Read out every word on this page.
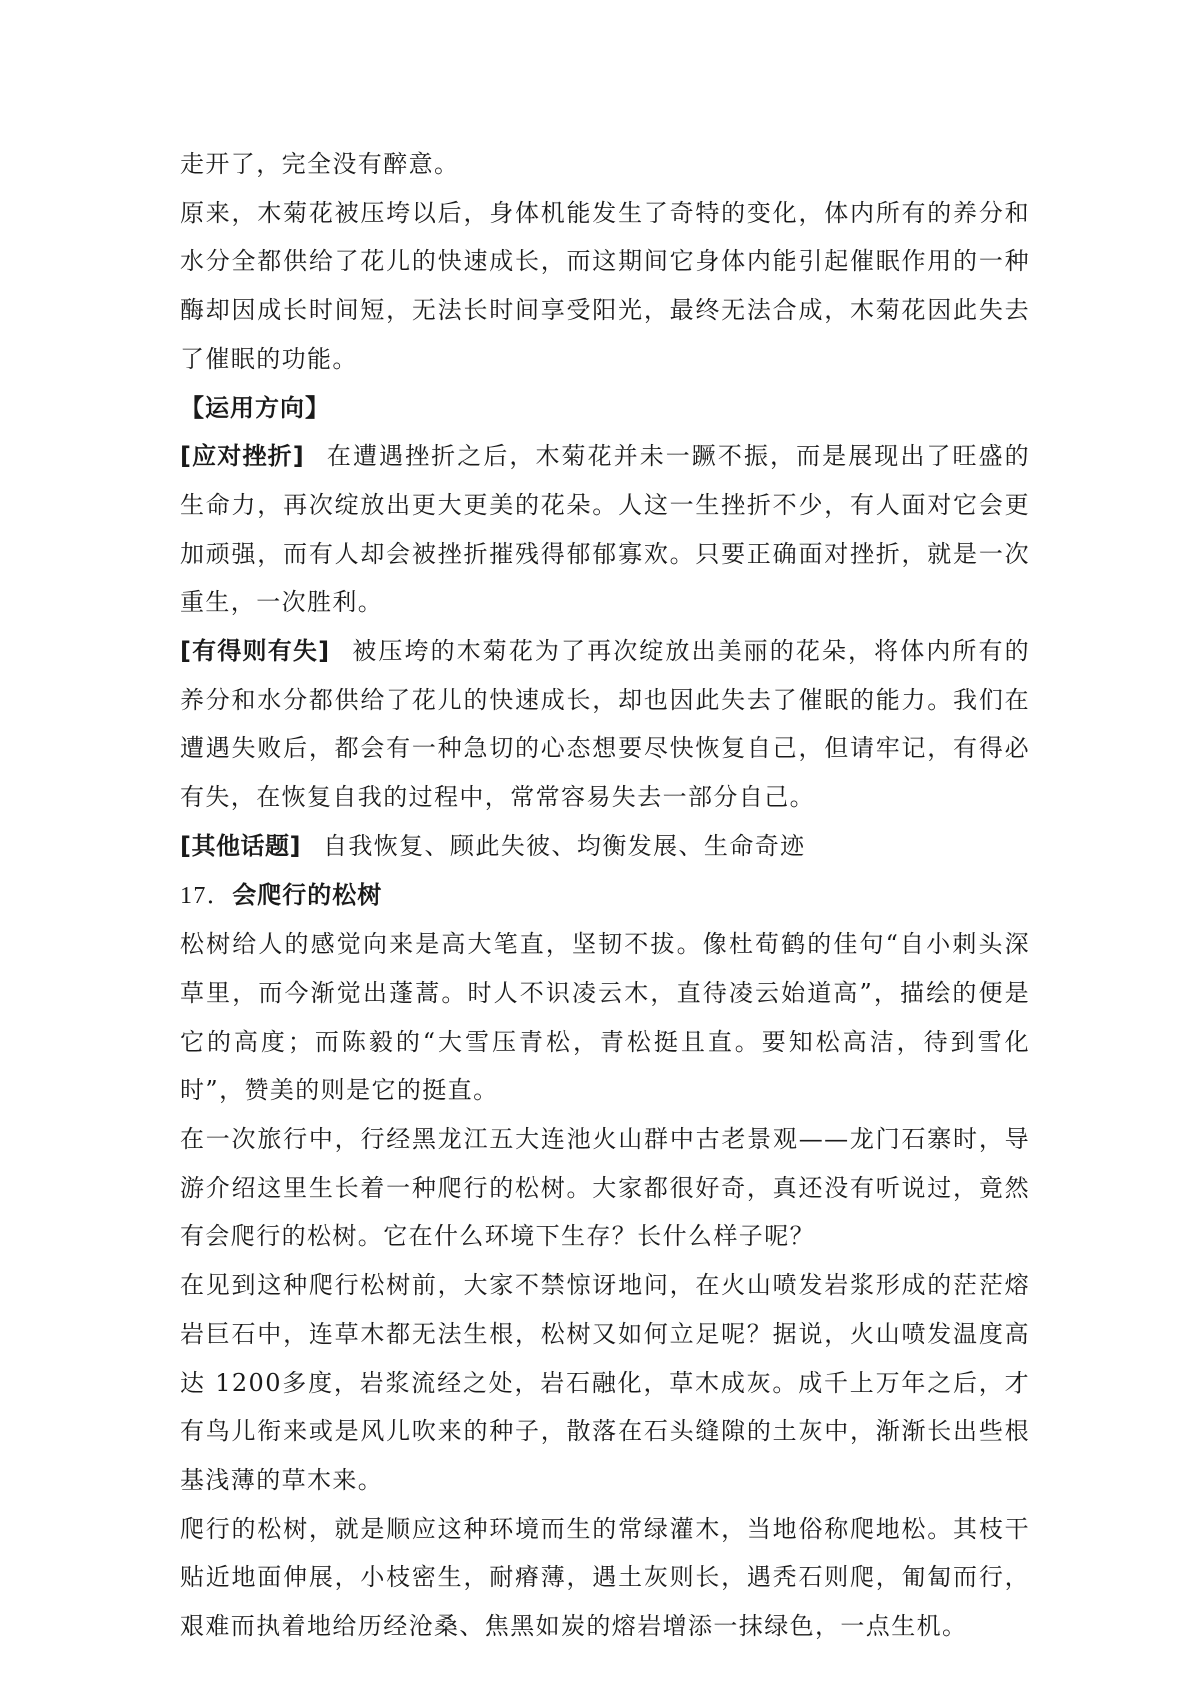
走开了，完全没有醉意。

原来，木菊花被压垮以后，身体机能发生了奇特的变化，体内所有的养分和水分全都供给了花儿的快速成长，而这期间它身体内能引起催眠作用的一种酶却因成长时间短，无法长时间享受阳光，最终无法合成，木菊花因此失去了催眠的功能。

【运用方向】

[应对挫折] 在遭遇挫折之后，木菊花并未一蹶不振，而是展现出了旺盛的生命力，再次绽放出更大更美的花朵。人这一生挫折不少，有人面对它会更加顽强，而有人却会被挫折摧残得郁郁寡欢。只要正确面对挫折，就是一次重生，一次胜利。

[有得则有失] 被压垮的木菊花为了再次绽放出美丽的花朵，将体内所有的养分和水分都供给了花儿的快速成长，却也因此失去了催眠的能力。我们在遭遇失败后，都会有一种急切的心态想要尽快恢复自己，但请牢记，有得必有失，在恢复自我的过程中，常常容易失去一部分自己。

[其他话题] 自我恢复、顾此失彼、均衡发展、生命奇迹

17．会爬行的松树

松树给人的感觉向来是高大笔直，坚韧不拔。像杜荀鹤的佳句“自小刺头深草里，而今渐觉出蓬蒿。时人不识凌云木，直待凌云始道高”，描绘的便是它的高度；而陈毅的“大雪压青松，青松挺且直。要知松高洁，待到雪化时”，赞美的则是它的挺直。

在一次旅行中，行经黑龙江五大连池火山群中古老景观——龙门石寨时，导游介绍这里生长着一种爬行的松树。大家都很好奇，真还没有听说过，竟然有会爬行的松树。它在什么环境下生存？长什么样子呢？

在见到这种爬行松树前，大家不禁惊讶地问，在火山喷发岩浆形成的茫茫熔岩巨石中，连草木都无法生根，松树又如何立足呢？据说，火山喷发温度高达 1200多度，岩浆流经之处，岩石融化，草木成灰。成千上万年之后，才有鸟儿衔来或是风儿吹来的种子，散落在石头缝隙的土灰中，渐渐长出些根基浅薄的草木来。

爬行的松树，就是顺应这种环境而生的常绿灌木，当地俗称爬地松。其枝干贴近地面伸展，小枝密生，耐瘠薄，遇土灰则长，遇秃石则爬，匍匐而行，艰难而执着地给历经沧桑、焦黑如炭的熔岩增添一抹绿色，一点生机。
